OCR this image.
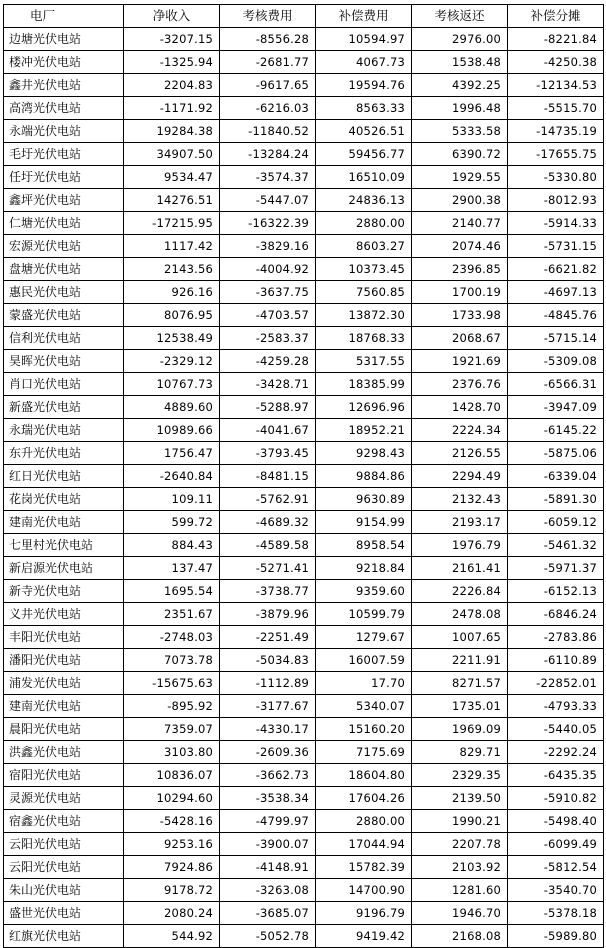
电厂	净收入	考核费用	补偿费用	考核返还	补偿分摊
边塘光伏电站	-3207.15	-8556.28	10594.97	2976.00	-8221.84
楼冲光伏电站	-1325.94	-2681.77	4067.73	1538.48	-4250.38
鑫井光伏电站	2204.83	-9617.65	19594.76	4392.25	-12134.53
高湾光伏电站	-1171.92	-6216.03	8563.33	1996.48	-5515.70
永端光伏电站	19284.38	-11840.52	40526.51	5333.58	-14735.19
毛圩光伏电站	34907.50	-13284.24	59456.77	6390.72	-17655.75
任圩光伏电站	9534.47	-3574.37	16510.09	1929.55	-5330.80
鑫坪光伏电站	14276.51	-5447.07	24836.13	2900.38	-8012.93
仁塘光伏电站	-17215.95	-16322.39	2880.00	2140.77	-5914.33
宏源光伏电站	1117.42	-3829.16	8603.27	2074.46	-5731.15
盘塘光伏电站	2143.56	-4004.92	10373.45	2396.85	-6621.82
惠民光伏电站	926.16	-3637.75	7560.85	1700.19	-4697.13
蒙盛光伏电站	8076.95	-4703.57	13872.30	1733.98	-4845.76
信利光伏电站	12538.49	-2583.37	18768.33	2068.67	-5715.14
昊晖光伏电站	-2329.12	-4259.28	5317.55	1921.69	-5309.08
肖口光伏电站	10767.73	-3428.71	18385.99	2376.76	-6566.31
新盛光伏电站	4889.60	-5288.97	12696.96	1428.70	-3947.09
永瑞光伏电站	10989.66	-4041.67	18952.21	2224.34	-6145.22
东升光伏电站	1756.47	-3793.45	9298.43	2126.55	-5875.06
红日光伏电站	-2640.84	-8481.15	9884.86	2294.49	-6339.04
花岗光伏电站	109.11	-5762.91	9630.89	2132.43	-5891.30
建南光伏电站	599.72	-4689.32	9154.99	2193.17	-6059.12
七里村光伏电站	884.43	-4589.58	8958.54	1976.79	-5461.32
新启源光伏电站	137.47	-5271.41	9218.84	2161.41	-5971.37
新寺光伏电站	1695.54	-3738.77	9359.60	2226.84	-6152.13
义井光伏电站	2351.67	-3879.96	10599.79	2478.08	-6846.24
丰阳光伏电站	-2748.03	-2251.49	1279.67	1007.65	-2783.86
潘阳光伏电站	7073.78	-5034.83	16007.59	2211.91	-6110.89
浦发光伏电站	-15675.63	-1112.89	17.70	8271.57	-22852.01
建南光伏电站	-895.92	-3177.67	5340.07	1735.01	-4793.33
晨阳光伏电站	7359.07	-4330.17	15160.20	1969.09	-5440.05
洪鑫光伏电站	3103.80	-2609.36	7175.69	829.71	-2292.24
宿阳光伏电站	10836.07	-3662.73	18604.80	2329.35	-6435.35
灵源光伏电站	10294.60	-3538.34	17604.26	2139.50	-5910.82
宿鑫光伏电站	-5428.16	-4799.97	2880.00	1990.21	-5498.40
云阳光伏电站	9253.16	-3900.07	17044.94	2207.78	-6099.49
云阳光伏电站	7924.86	-4148.91	15782.39	2103.92	-5812.54
朱山光伏电站	9178.72	-3263.08	14700.90	1281.60	-3540.70
盛世光伏电站	2080.24	-3685.07	9196.79	1946.70	-5378.18
红旗光伏电站	544.92	-5052.78	9419.42	2168.08	-5989.80
